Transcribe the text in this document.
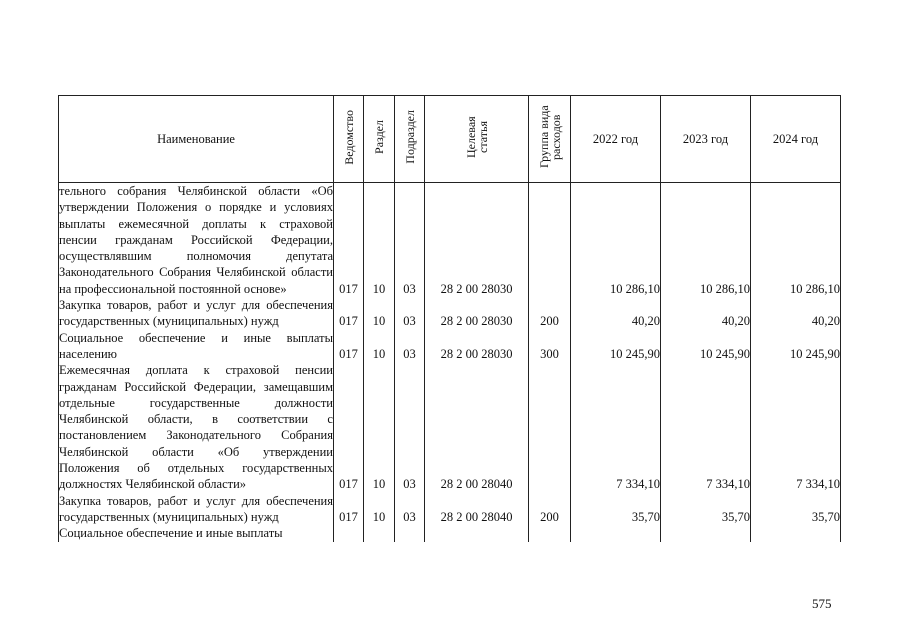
Наименование	Ведомство	Раздел	Подраздел	Целевая статья	Группа вида расходов	2022 год	2023 год	2024 год
тельного собрания Челябинской области «Об утверждении Положения о порядке и условиях выплаты ежемесячной доплаты к страховой пенсии гражданам Российской Федерации, осуществлявшим полномочия депутата Законодательного Собрания Челябинской области на профессиональной постоянной основе»	017	10	03	28 2 00 28030		10 286,10	10 286,10	10 286,10
Закупка товаров, работ и услуг для обеспечения государственных (муниципальных) нужд	017	10	03	28 2 00 28030	200	40,20	40,20	40,20
Социальное обеспечение и иные выплаты населению	017	10	03	28 2 00 28030	300	10 245,90	10 245,90	10 245,90
Ежемесячная доплата к страховой пенсии гражданам Российской Федерации, замещавшим отдельные государственные должности Челябинской области, в соответствии с постановлением Законодательного Собрания Челябинской области «Об утверждении Положения об отдельных государственных должностях Челябинской области»	017	10	03	28 2 00 28040		7 334,10	7 334,10	7 334,10
Закупка товаров, работ и услуг для обеспечения государственных (муниципальных) нужд	017	10	03	28 2 00 28040	200	35,70	35,70	35,70
Социальное обеспечение и иные выплаты								
575
